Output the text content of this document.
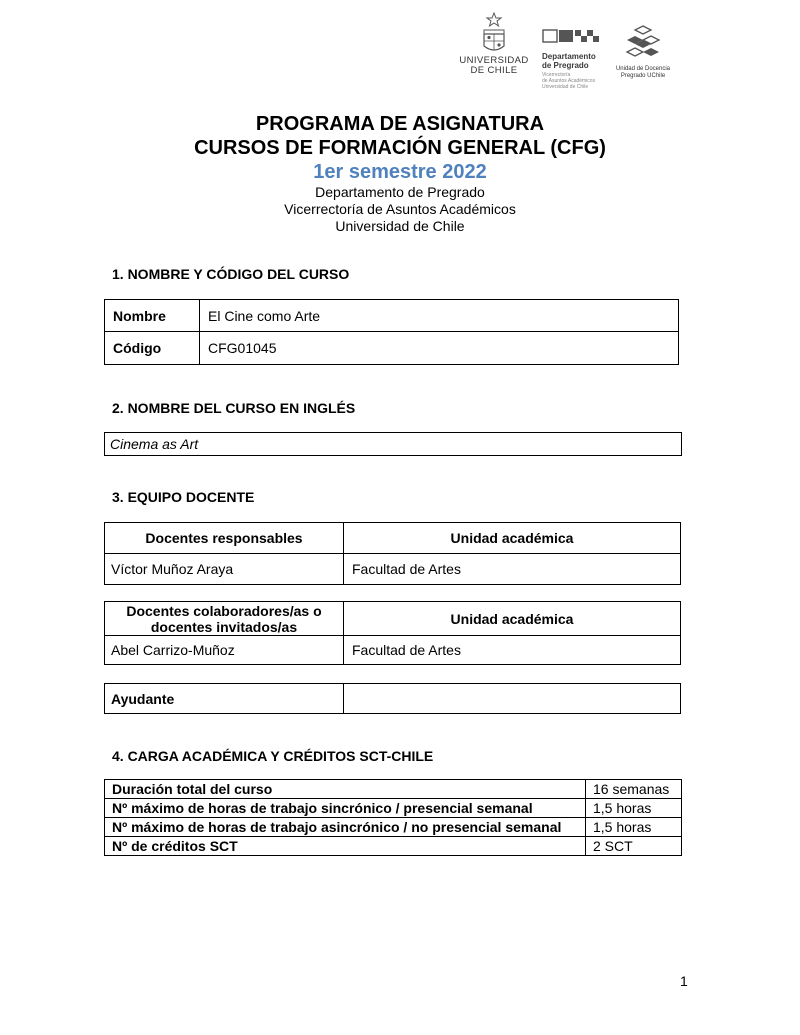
UNIVERSIDAD
DE CHILE
Departamento
de Pregrado
Vicerrectoría
de Asuntos Académicos
Universidad de Chile
Unidad de Docencia
Pregrado UChile
PROGRAMA DE ASIGNATURA
CURSOS DE FORMACIÓN GENERAL (CFG)
1er semestre 2022
Departamento de Pregrado
Vicerrectoría de Asuntos Académicos
Universidad de Chile
1. NOMBRE Y CÓDIGO DEL CURSO
Nombre	El Cine como Arte
Código	CFG01045
2. NOMBRE DEL CURSO EN INGLÉS
Cinema as Art
3. EQUIPO DOCENTE
Docentes responsables	Unidad académica
Víctor Muñoz Araya	Facultad de Artes
Docentes colaboradores/as o
docentes invitados/as	Unidad académica
Abel Carrizo-Muñoz	Facultad de Artes
Ayudante	
4. CARGA ACADÉMICA Y CRÉDITOS SCT-CHILE
Duración total del curso	16 semanas
Nº máximo de horas de trabajo sincrónico / presencial semanal	1,5 horas
Nº máximo de horas de trabajo asincrónico / no presencial semanal	1,5 horas
Nº de créditos SCT	2 SCT
1
